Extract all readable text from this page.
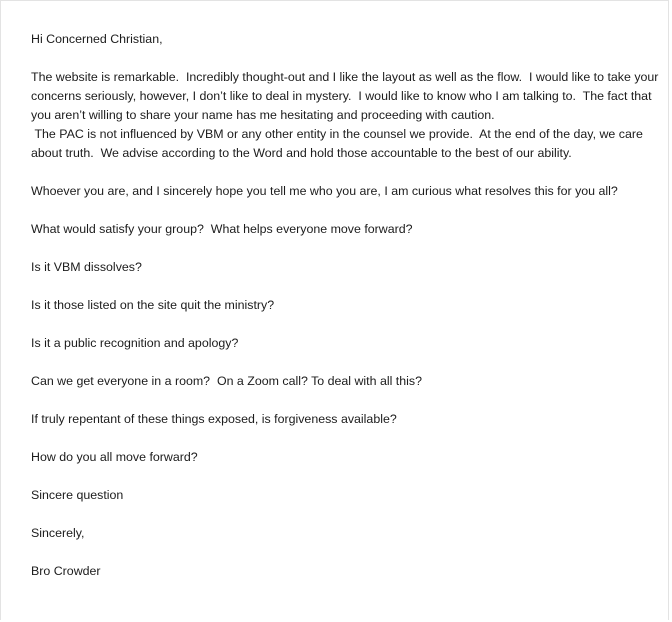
Hi Concerned Christian,

The website is remarkable.  Incredibly thought-out and I like the layout as well as the flow.  I would like to take your concerns seriously, however, I don’t like to deal in mystery.  I would like to know who I am talking to.  The fact that you aren’t willing to share your name has me hesitating and proceeding with caution.
The PAC is not influenced by VBM or any other entity in the counsel we provide.  At the end of the day, we care about truth.  We advise according to the Word and hold those accountable to the best of our ability.

Whoever you are, and I sincerely hope you tell me who you are, I am curious what resolves this for you all?

What would satisfy your group?  What helps everyone move forward?

Is it VBM dissolves?

Is it those listed on the site quit the ministry?

Is it a public recognition and apology?

Can we get everyone in a room?  On a Zoom call? To deal with all this?

If truly repentant of these things exposed, is forgiveness available?

How do you all move forward?

Sincere question

Sincerely,

Bro Crowder
